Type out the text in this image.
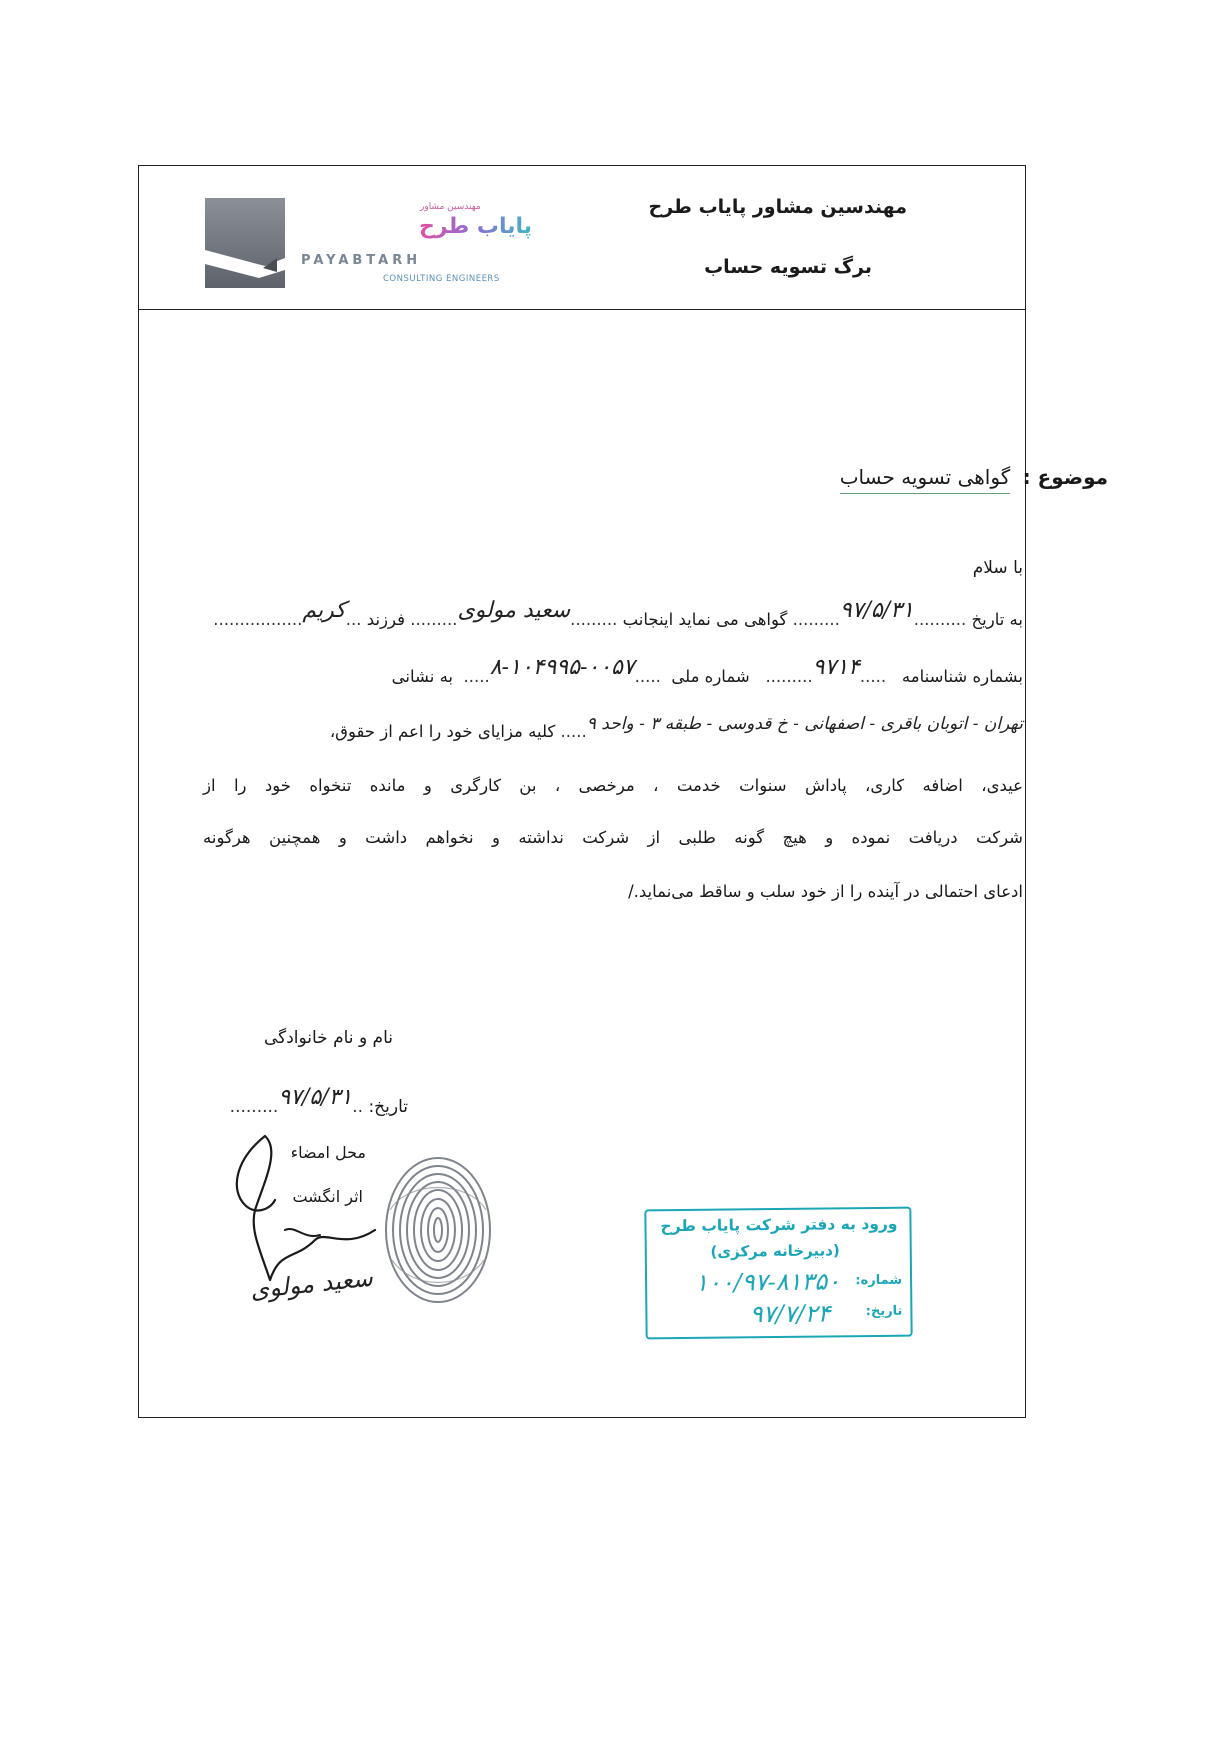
مهندسین مشاور پایاب طرح
برگ تسویه حساب
مهندسین مشاور
پایاب طرح
PAYABTARH
CONSULTING ENGINEERS
موضوع : گواهی تسویه حساب
با سلام
به تاریخ ..........۹۷/۵/۳۱......... گواهی می نماید اینجانب .........سعید مولوی......... فرزند ...کریم.................
بشماره شناسنامه   .....۹۷۱۴.........   شماره ملی  .....۰۰۵۷-۱۰۴۹۹۵-۸.....  به نشانی
تهران - اتوبان باقری - اصفهانی - خ قدوسی - طبقه ۳ - واحد ۹..... کلیه مزایای خود را اعم از حقوق،
عیدی، اضافه کاری، پاداش سنوات خدمت ، مرخصی ، بن کارگری و مانده تنخواه خود را از
شرکت دریافت نموده و هیچ گونه طلبی از شرکت نداشته و نخواهم داشت و همچنین هرگونه
ادعای احتمالی در آینده را از خود سلب و ساقط می‌نماید./
نام و نام خانوادگی
تاریخ: ..۹۷/۵/۳۱.........
محل امضاء
اثر انگشت
سعید مولوی
ورود به دفتر شرکت پایاب طرح
(دبیرخانه مرکزی)
شماره:
۱۰۰/۹۷-۸۱۳۵۰
تاریخ:
۹۷/۷/۲۴
